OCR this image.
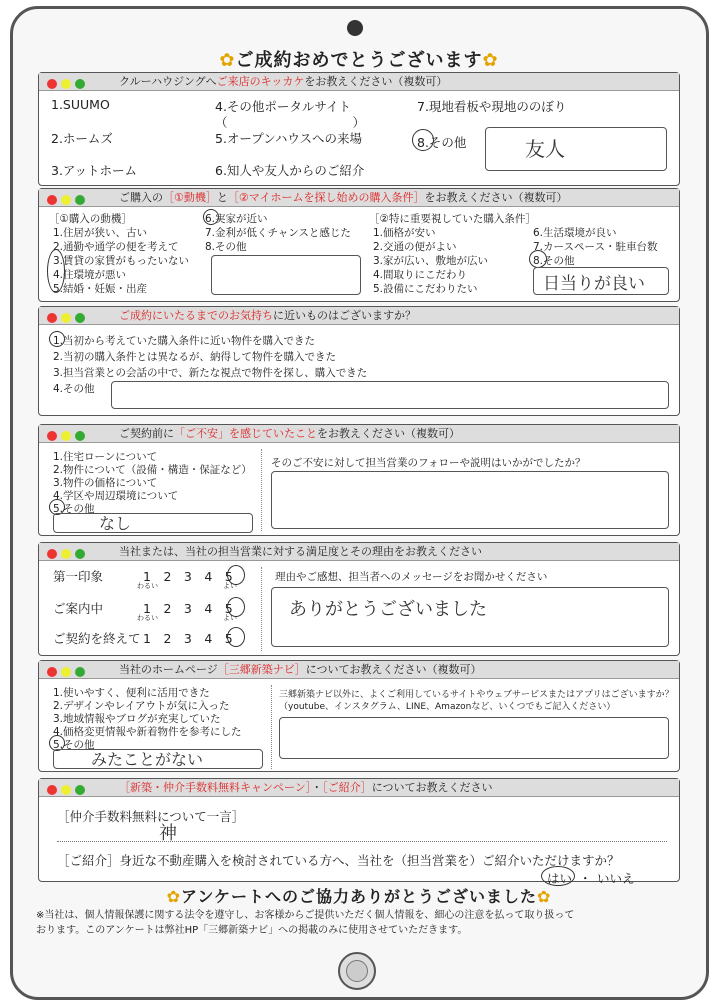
✿ご成約おめでとうございます✿
クルーハウジングへご来店のキッカケをお教えください（複数可）
1.SUUMO
2.ホームズ
3.アットホーム
4.その他ポータルサイト
（　　　　　　　　　　）
5.オープンハウスへの来場
6.知人や友人からのご紹介
7.現地看板や現地ののぼり
8.その他	友人
ご購入の［①動機］と［②マイホームを探し始めの購入条件］をお教えください（複数可）
［①購入の動機］
1.住居が狭い、古い
2.通勤や通学の便を考えて
3.賃貸の家賃がもったいない
4.住環境が悪い
5.結婚・妊娠・出産
6.実家が近い
7.金利が低くチャンスと感じた
8.その他
［②特に重要視していた購入条件］
1.価格が安い
2.交通の便がよい
3.家が広い、敷地が広い
4.間取りにこだわり
5.設備にこだわりたい
6.生活環境が良い
7.カースペース・駐車台数
8.その他
日当りが良い
ご成約にいたるまでのお気持ちに近いものはございますか？
1.当初から考えていた購入条件に近い物件を購入できた
2.当初の購入条件とは異なるが、納得して物件を購入できた
3.担当営業との会話の中で、新たな視点で物件を探し、購入できた
4.その他
ご契約前に「ご不安」を感じていたことをお教えください（複数可）
1.住宅ローンについて
2.物件について（設備・構造・保証など）
3.物件の価格について
4.学区や周辺環境について
5.その他
なし
そのご不安に対して担当営業のフォローや説明はいかがでしたか？
当社または、当社の担当営業に対する満足度とその理由をお教えください
第一印象	1　2　3　4　5
わるい	よい
ご案内中	1　2　3　4　5
わるい	よい
ご契約を終えて 1　2　3　4　5
理由やご感想、担当者へのメッセージをお聞かせください
ありがとうございました
当社のホームページ［三郷新築ナビ］についてお教えください（複数可）
1.使いやすく、便利に活用できた
2.デザインやレイアウトが気に入った
3.地域情報やブログが充実していた
4.価格変更情報や新着物件を参考にした
5.その他
みたことがない
三郷新築ナビ以外に、よくご利用しているサイトやウェブサービスまたはアプリはございますか？
（youtube、インスタグラム、LINE、Amazonなど、いくつでもご記入ください）
［新築・仲介手数料無料キャンペーン］・［ご紹介］についてお教えください
［仲介手数料無料について一言］
神
［ご紹介］身近な不動産購入を検討されている方へ、当社を（担当営業を）ご紹介いただけますか？
はい ・ いいえ
✿アンケートへのご協力ありがとうございました✿
※当社は、個人情報保護に関する法令を遵守し、お客様からご提供いただく個人情報を、細心の注意を払って取り扱って
おります。このアンケートは弊社HP「三郷新築ナビ」への掲載のみに使用させていただきます。
